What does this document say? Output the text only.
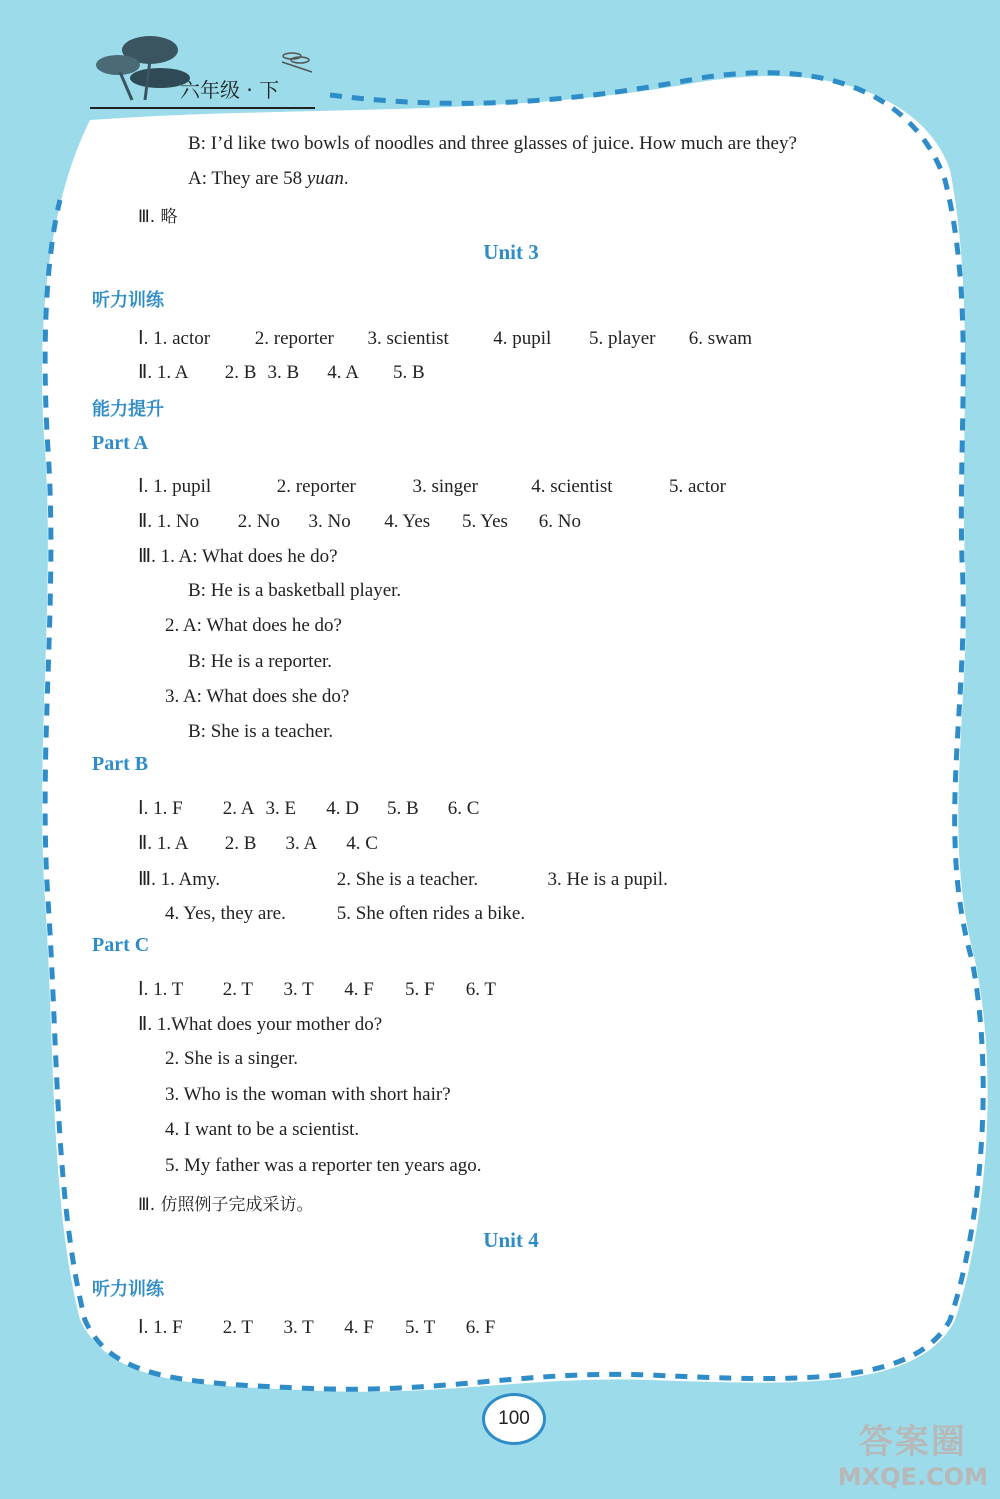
六年级 · 下
B: I’d like two bowls of noodles and three glasses of juice. How much are they?
A: They are 58 yuan.
Ⅲ. 略
Unit 3
听力训练
Ⅰ. 1. actor 2. reporter 3. scientist 4. pupil 5. player 6. swam
Ⅱ. 1. A 2. B 3. B 4. A 5. B
能力提升
Part A
Ⅰ. 1. pupil	2. reporter	3. singer	4. scientist	5. actor
Ⅱ. 1. No 2. No 3. No 4. Yes 5. Yes 6. No
Ⅲ. 1. A: What does he do?
B: He is a basketball player.
2. A: What does he do?
B: He is a reporter.
3. A: What does she do?
B: She is a teacher.
Part B
Ⅰ. 1. F 2. A 3. E 4. D 5. B 6. C
Ⅱ. 1. A 2. B 3. A 4. C
Ⅲ. 1. Amy.	2. She is a teacher.	3. He is a pupil.
4. Yes, they are.	5. She often rides a bike.
Part C
Ⅰ. 1. T 2. T 3. T 4. F 5. F 6. T
Ⅱ. 1.What does your mother do?
2. She is a singer.
3. Who is the woman with short hair?
4. I want to be a scientist.
5. My father was a reporter ten years ago.
Ⅲ. 仿照例子完成采访。
Unit 4
听力训练
Ⅰ. 1. F 2. T 3. T 4. F 5. T 6. F
100
答案圈
MXQE.COM
